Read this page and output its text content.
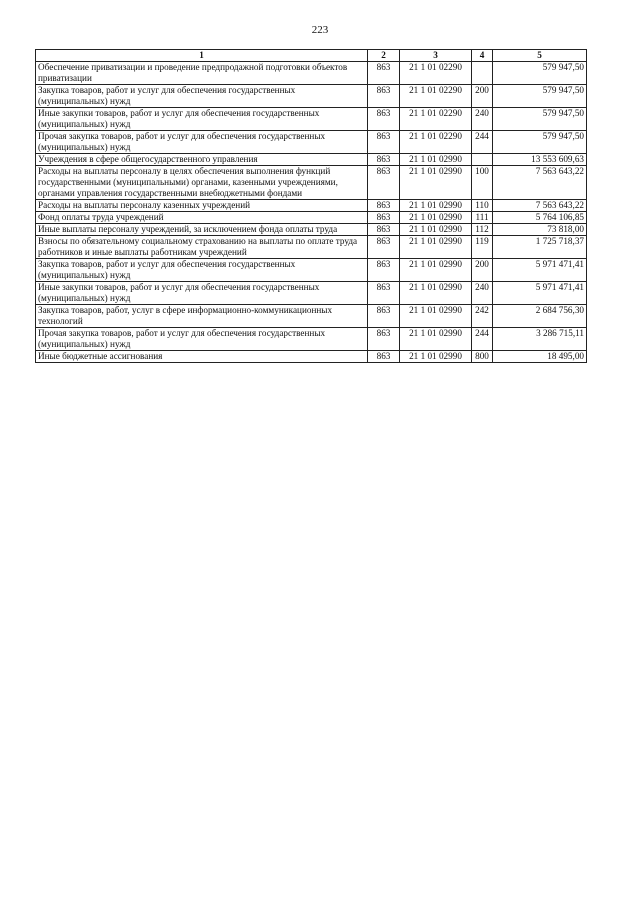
223
1	2	3	4	5
Обеспечение приватизации и проведение предпродажной подготовки объектов приватизации	863	21 1 01 02290		579 947,50
Закупка товаров, работ и услуг для обеспечения государственных (муниципальных) нужд	863	21 1 01 02290	200	579 947,50
Иные закупки товаров, работ и услуг для обеспечения государственных (муниципальных) нужд	863	21 1 01 02290	240	579 947,50
Прочая закупка товаров, работ и услуг для обеспечения государственных (муниципальных) нужд	863	21 1 01 02290	244	579 947,50
Учреждения в сфере общегосударственного управления	863	21 1 01 02990		13 553 609,63
Расходы на выплаты персоналу в целях обеспечения выполнения функций государственными (муниципальными) органами, казенными учреждениями, органами управления государственными внебюджетными фондами	863	21 1 01 02990	100	7 563 643,22
Расходы на выплаты персоналу казенных учреждений	863	21 1 01 02990	110	7 563 643,22
Фонд оплаты труда учреждений	863	21 1 01 02990	111	5 764 106,85
Иные выплаты персоналу учреждений, за исключением фонда оплаты труда	863	21 1 01 02990	112	73 818,00
Взносы по обязательному социальному страхованию на выплаты по оплате труда работников и иные выплаты работникам учреждений	863	21 1 01 02990	119	1 725 718,37
Закупка товаров, работ и услуг для обеспечения государственных (муниципальных) нужд	863	21 1 01 02990	200	5 971 471,41
Иные закупки товаров, работ и услуг для обеспечения государственных (муниципальных) нужд	863	21 1 01 02990	240	5 971 471,41
Закупка товаров, работ, услуг в сфере информационно-коммуникационных технологий	863	21 1 01 02990	242	2 684 756,30
Прочая закупка товаров, работ и услуг для обеспечения государственных (муниципальных) нужд	863	21 1 01 02990	244	3 286 715,11
Иные бюджетные ассигнования	863	21 1 01 02990	800	18 495,00
